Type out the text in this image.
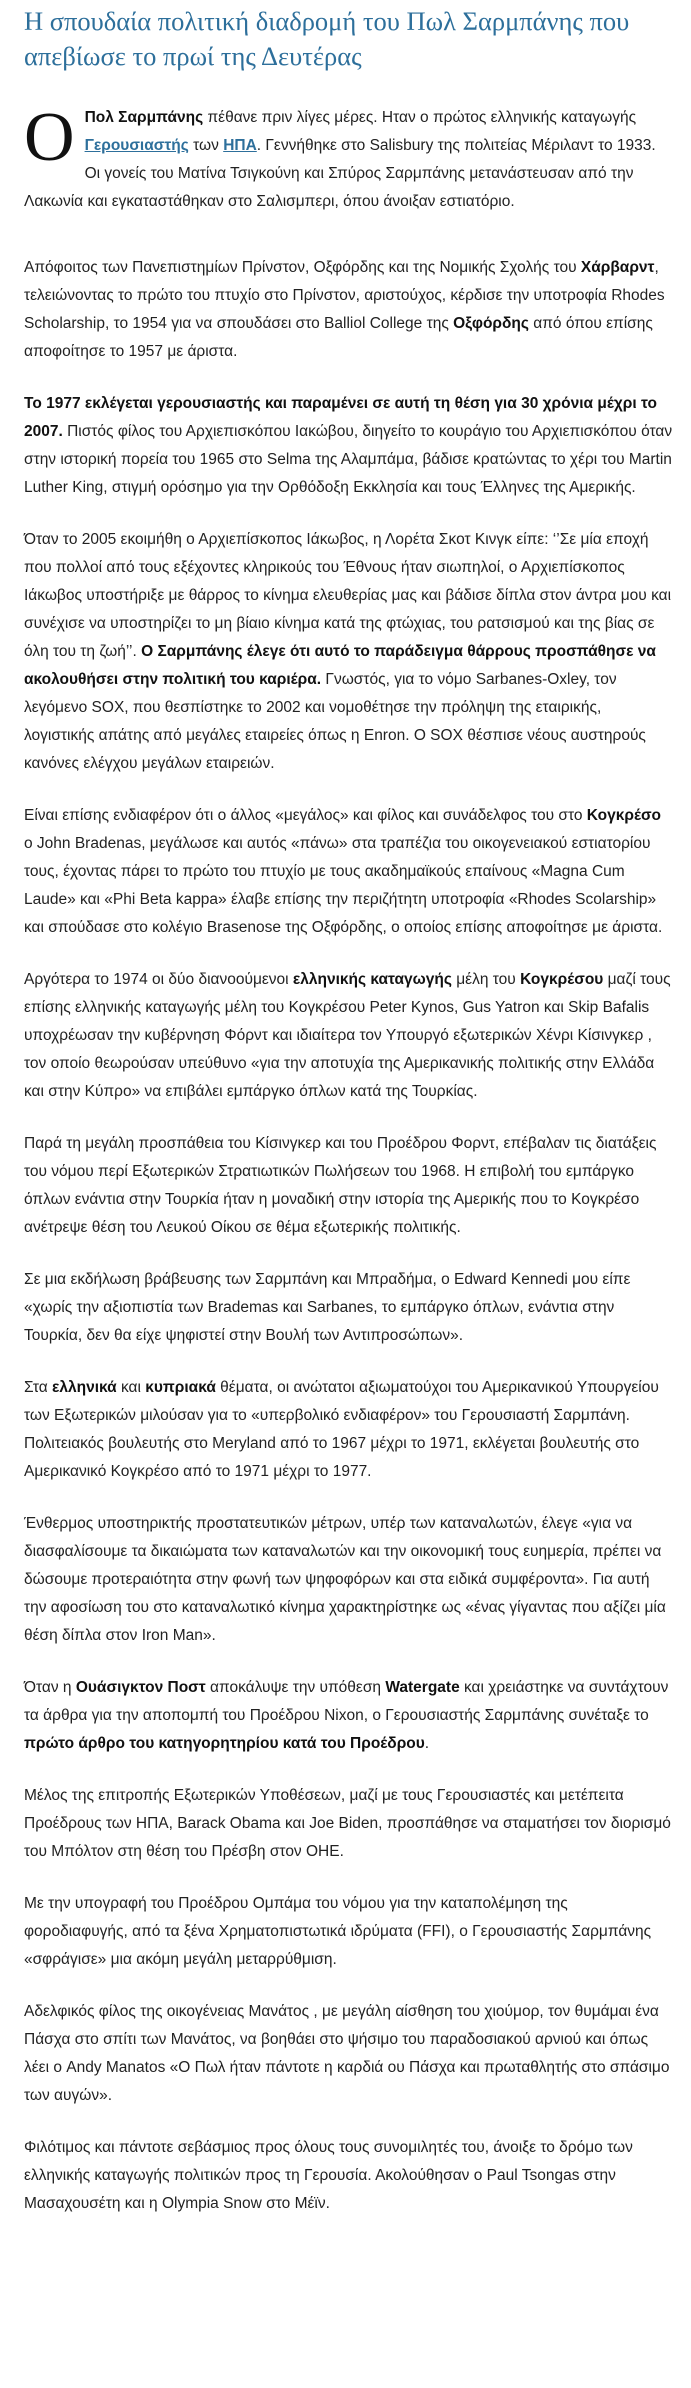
Η σπουδαία πολιτική διαδρομή του Πωλ Σαρμπάνης που απεβίωσε το πρωί της Δευτέρας

Ο Πολ Σαρμπάνης πέθανε πριν λίγες μέρες. Ηταν ο πρώτος ελληνικής καταγωγής Γερουσιαστής των ΗΠΑ. Γεννήθηκε στο Salisbury της πολιτείας Μέριλαντ το 1933. Οι γονείς του Ματίνα Τσιγκούνη και Σπύρος Σαρμπάνης μετανάστευσαν από την Λακωνία και εγκαταστάθηκαν στο Σαλισμπερι, όπου άνοιξαν εστιατόριο.

Απόφοιτος των Πανεπιστημίων Πρίνστον, Οξφόρδης και της Νομικής Σχολής του Χάρβαρντ, τελειώνοντας το πρώτο του πτυχίο στο Πρίνστον, αριστούχος, κέρδισε την υποτροφία Rhodes Scholarship, το 1954 για να σπουδάσει στο Balliol College της Οξφόρδης από όπου επίσης αποφοίτησε το 1957 με άριστα.

Το 1977 εκλέγεται γερουσιαστής και παραμένει σε αυτή τη θέση για 30 χρόνια μέχρι το 2007. Πιστός φίλος του Αρχιεπισκόπου Ιακώβου, διηγείτο το κουράγιο του Αρχιεπισκόπου όταν στην ιστορική πορεία του 1965 στο Selma της Αλαμπάμα, βάδισε κρατώντας το χέρι του Martin Luther King, στιγμή ορόσημο για την Ορθόδοξη Εκκλησία και τους Έλληνες της Αμερικής.

Όταν το 2005 εκοιμήθη ο Αρχιεπίσκοπος Ιάκωβος, η Λορέτα Σκοτ Κινγκ είπε: ‘’Σε μία εποχή που πολλοί από τους εξέχοντες κληρικούς του Έθνους ήταν σιωπηλοί, ο Αρχιεπίσκοπος Ιάκωβος υποστήριξε με θάρρος το κίνημα ελευθερίας μας και βάδισε δίπλα στον άντρα μου και συνέχισε να υποστηρίζει το μη βίαιο κίνημα κατά της φτώχιας, του ρατσισμού και της βίας σε όλη του τη ζωή’’. Ο Σαρμπάνης έλεγε ότι αυτό το παράδειγμα θάρρους προσπάθησε να ακολουθήσει στην πολιτική του καριέρα. Γνωστός, για το νόμο Sarbanes-Oxley, τον λεγόμενο SOX, που θεσπίστηκε το 2002 και νομοθέτησε την πρόληψη της εταιρικής, λογιστικής απάτης από μεγάλες εταιρείες όπως η Enron. Ο SOX θέσπισε νέους αυστηρούς κανόνες ελέγχου μεγάλων εταιρειών.

Είναι επίσης ενδιαφέρον ότι ο άλλος «μεγάλος» και φίλος και συνάδελφος του στο Κογκρέσο ο John Bradenas, μεγάλωσε και αυτός «πάνω» στα τραπέζια του οικογενειακού εστιατορίου τους, έχοντας πάρει το πρώτο του πτυχίο με τους ακαδημαϊκούς επαίνους «Magna Cum Laude» και «Phi Beta kappa» έλαβε επίσης την περιζήτητη υποτροφία «Rhodes Scolarship» και σπούδασε στο κολέγιο Brasenose της Οξφόρδης, ο οποίος επίσης αποφοίτησε με άριστα.

Αργότερα το 1974 οι δύο διανοούμενοι ελληνικής καταγωγής μέλη του Κογκρέσου μαζί τους επίσης ελληνικής καταγωγής μέλη του Κογκρέσου Peter Kynos, Gus Yatron και Skip Bafalis υποχρέωσαν την κυβέρνηση Φόρντ και ιδιαίτερα τον Υπουργό εξωτερικών Χένρι Κίσινγκερ , τον οποίο θεωρούσαν υπεύθυνο «για την αποτυχία της Αμερικανικής πολιτικής στην Ελλάδα και στην Κύπρο» να επιβάλει εμπάργκο όπλων κατά της Τουρκίας.

Παρά τη μεγάλη προσπάθεια του Κίσινγκερ και του Προέδρου Φορντ, επέβαλαν τις διατάξεις του νόμου περί Εξωτερικών Στρατιωτικών Πωλήσεων του 1968. Η επιβολή του εμπάργκο όπλων ενάντια στην Τουρκία ήταν η μοναδική στην ιστορία της Αμερικής που το Κογκρέσο ανέτρεψε θέση του Λευκού Οίκου σε θέμα εξωτερικής πολιτικής.

Σε μια εκδήλωση βράβευσης των Σαρμπάνη και Μπραδήμα, ο Edward Kennedi μου είπε «χωρίς την αξιοπιστία των Brademas και Sarbanes, το εμπάργκο όπλων, ενάντια στην Τουρκία, δεν θα είχε ψηφιστεί στην Βουλή των Αντιπροσώπων».

Στα ελληνικά και κυπριακά θέματα, οι ανώτατοι αξιωματούχοι του Αμερικανικού Υπουργείου των Εξωτερικών μιλούσαν για το «υπερβολικό ενδιαφέρον» του Γερουσιαστή Σαρμπάνη. Πολιτειακός βουλευτής στο Meryland από το 1967 μέχρι το 1971, εκλέγεται βουλευτής στο Αμερικανικό Κογκρέσο από το 1971 μέχρι το 1977.

Ένθερμος υποστηρικτής προστατευτικών μέτρων, υπέρ των καταναλωτών, έλεγε «για να διασφαλίσουμε τα δικαιώματα των καταναλωτών και την οικονομική τους ευημερία, πρέπει να δώσουμε προτεραιότητα στην φωνή των ψηφοφόρων και στα ειδικά συμφέροντα». Για αυτή την αφοσίωση του στο καταναλωτικό κίνημα χαρακτηρίστηκε ως «ένας γίγαντας που αξίζει μία θέση δίπλα στον Iron Man».

Όταν η Ουάσιγκτον Ποστ αποκάλυψε την υπόθεση Watergate και χρειάστηκε να συντάχτουν τα άρθρα για την αποπομπή του Προέδρου Nixon, ο Γερουσιαστής Σαρμπάνης συνέταξε το πρώτο άρθρο του κατηγορητηρίου κατά του Προέδρου.

Μέλος της επιτροπής Εξωτερικών Υποθέσεων, μαζί με τους Γερουσιαστές και μετέπειτα Προέδρους των ΗΠΑ, Barack Obama και Joe Biden, προσπάθησε να σταματήσει τον διορισμό του Μπόλτον στη θέση του Πρέσβη στον ΟΗΕ.

Με την υπογραφή του Προέδρου Ομπάμα του νόμου για την καταπολέμηση της φοροδιαφυγής, από τα ξένα Χρηματοπιστωτικά ιδρύματα (FFI), ο Γερουσιαστής Σαρμπάνης «σφράγισε» μια ακόμη μεγάλη μεταρρύθμιση.

Αδελφικός φίλος της οικογένειας Μανάτος , με μεγάλη αίσθηση του χιούμορ, τον θυμάμαι ένα Πάσχα στο σπίτι των Μανάτος, να βοηθάει στο ψήσιμο του παραδοσιακού αρνιού και όπως λέει ο Andy Manatos «Ο Πωλ ήταν πάντοτε η καρδιά ου Πάσχα και πρωταθλητής στο σπάσιμο των αυγών».

Φιλότιμος και πάντοτε σεβάσμιος προς όλους τους συνομιλητές του, άνοιξε το δρόμο των ελληνικής καταγωγής πολιτικών προς τη Γερουσία. Ακολούθησαν ο Paul Tsongas στην Μασαχουσέτη και η Olympia Snow στο Μέϊν.
